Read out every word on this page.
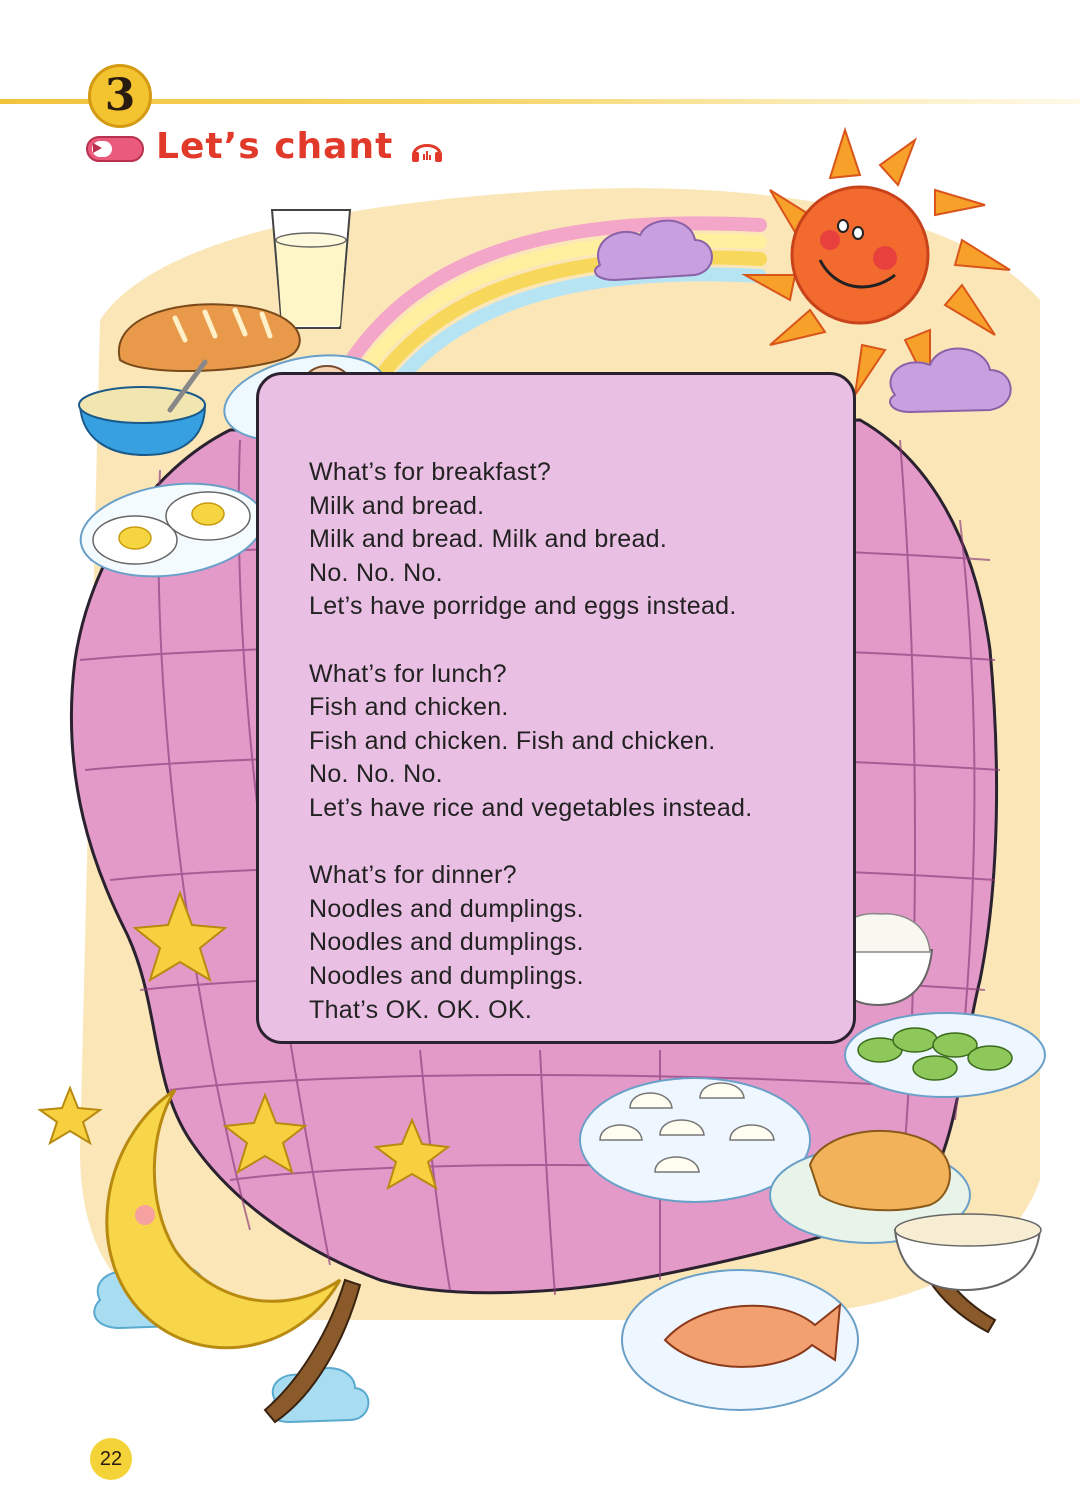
3
Let’s chant
What’s for breakfast?
Milk and bread.
Milk and bread. Milk and bread.
No. No. No.
Let’s have porridge and eggs instead.
What’s for lunch?
Fish and chicken.
Fish and chicken. Fish and chicken.
No. No. No.
Let’s have rice and vegetables instead.
What’s for dinner?
Noodles and dumplings.
Noodles and dumplings.
Noodles and dumplings.
That’s OK. OK. OK.
22
